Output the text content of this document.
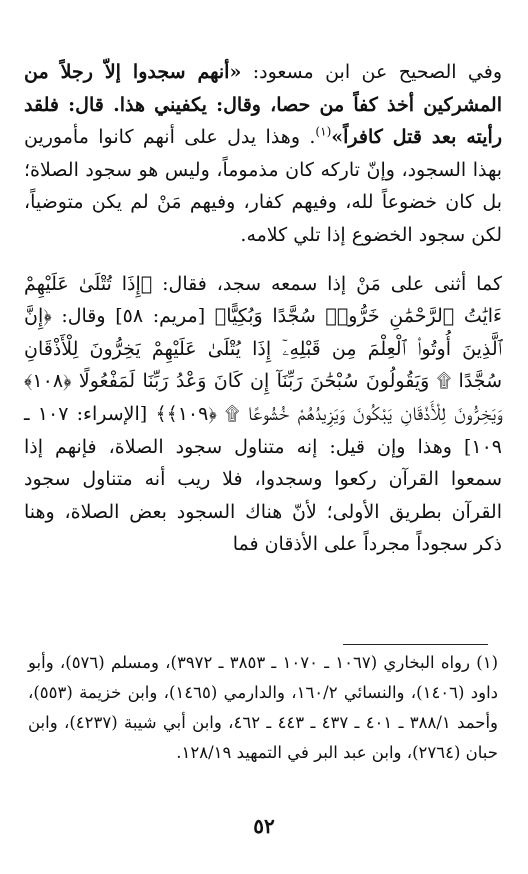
وفي الصحيح عن ابن مسعود: «أنهم سجدوا إلاّ رجلاً من المشركين أخذ كفاً من حصا، وقال: يكفيني هذا. قال: فلقد رأيته بعد قتل كافراً»$^{(١)}$. وهذا يدل على أنهم كانوا مأمورين بهذا السجود، وإنّ تاركه كان مذموماً، وليس هو سجود الصلاة؛ بل كان خضوعاً لله، وفيهم كفار، وفيهم مَنْ لم يكن متوضياً، لكن سجود الخضوع إذا تلي كلامه.

كما أثنى على مَنْ إذا سمعه سجد، فقال: ﴿إِذَا تُتْلَىٰ عَلَيْهِمْ ءَايَٰتُ ٱلرَّحْمَٰنِ خَرُّوا۟ سُجَّدًا وَبُكِيًّا﴾ [مريم: ٥٨] وقال: ﴿إِنَّ ٱلَّذِينَ أُوتُوا۟ ٱلْعِلْمَ مِن قَبْلِهِۦٓ إِذَا يُتْلَىٰ عَلَيْهِمْ يَخِرُّونَ لِلْأَذْقَانِ سُجَّدًا ۩ وَيَقُولُونَ سُبْحَٰنَ رَبِّنَآ إِن كَانَ وَعْدُ رَبِّنَا لَمَفْعُولًا ﴿١٠٨﴾ وَيَخِرُّونَ لِلْأَذْقَانِ يَبْكُونَ وَيَزِيدُهُمْ خُشُوعًا ۩ ﴿١٠٩﴾﴾ [الإسراء: ١٠٧ ـ ١٠٩] وهذا وإن قيل: إنه متناول سجود الصلاة، فإنهم إذا سمعوا القرآن ركعوا وسجدوا، فلا ريب أنه متناول سجود القرآن بطريق الأولى؛ لأنّ هناك السجود بعض الصلاة، وهنا ذكر سجوداً مجرداً على الأذقان فما

(١) رواه البخاري (١٠٦٧ ـ ١٠٧٠ ـ ٣٨٥٣ ـ ٣٩٧٢)، ومسلم (٥٧٦)، وأبو داود (١٤٠٦)، والنسائي ١٦٠/٢، والدارمي (١٤٦٥)، وابن خزيمة (٥٥٣)، وأحمد ٣٨٨/١ ـ ٤٠١ ـ ٤٣٧ ـ ٤٤٣ ـ ٤٦٢، وابن أبي شيبة (٤٢٣٧)، وابن حبان (٢٧٦٤)، وابن عبد البر في التمهيد ١٢٨/١٩.

٥٢
